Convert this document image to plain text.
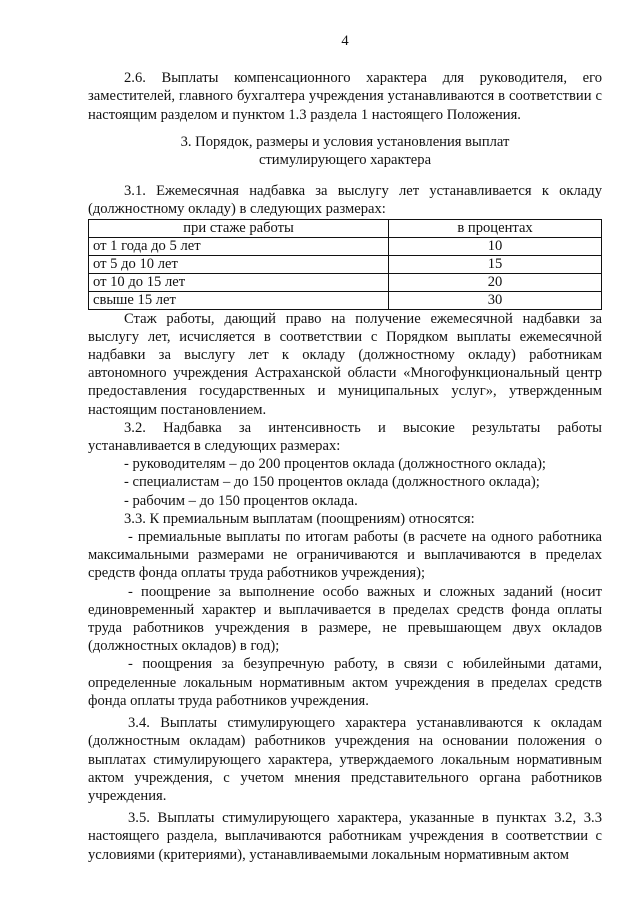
4

2.6. Выплаты компенсационного характера для руководителя, его заместителей, главного бухгалтера учреждения устанавливаются в соответствии с настоящим разделом и пунктом 1.3 раздела 1 настоящего Положения.

3. Порядок, размеры и условия установления выплат
стимулирующего характера

3.1. Ежемесячная надбавка за выслугу лет устанавливается к окладу (должностному окладу) в следующих размерах:

при стаже работы	в процентах
от 1 года до 5 лет	10
от 5 до 10 лет	15
от 10 до 15 лет	20
свыше 15 лет	30

Стаж работы, дающий право на получение ежемесячной надбавки за выслугу лет, исчисляется в соответствии с Порядком выплаты ежемесячной надбавки за выслугу лет к окладу (должностному окладу) работникам автономного учреждения Астраханской области «Многофункциональный центр предоставления государственных и муниципальных услуг», утвержденным настоящим постановлением.

3.2. Надбавка за интенсивность и высокие результаты работы устанавливается в следующих размерах:

- руководителям – до 200 процентов оклада (должностного оклада);

- специалистам – до 150 процентов оклада (должностного оклада);

- рабочим – до 150 процентов оклада.

3.3. К премиальным выплатам (поощрениям) относятся:

- премиальные выплаты по итогам работы (в расчете на одного работника максимальными размерами не ограничиваются и выплачиваются в пределах средств фонда оплаты труда работников учреждения);

- поощрение за выполнение особо важных и сложных заданий (носит единовременный характер и выплачивается в пределах средств фонда оплаты труда работников учреждения в размере, не превышающем двух окладов (должностных окладов) в год);

- поощрения за безупречную работу, в связи с юбилейными датами, определенные локальным нормативным актом учреждения в пределах средств фонда оплаты труда работников учреждения.

3.4. Выплаты стимулирующего характера устанавливаются к окладам (должностным окладам) работников учреждения на основании положения о выплатах стимулирующего характера, утверждаемого локальным нормативным актом учреждения, с учетом мнения представительного органа работников учреждения.

3.5. Выплаты стимулирующего характера, указанные в пунктах 3.2, 3.3 настоящего раздела, выплачиваются работникам учреждения в соответствии с условиями (критериями), устанавливаемыми локальным нормативным актом
